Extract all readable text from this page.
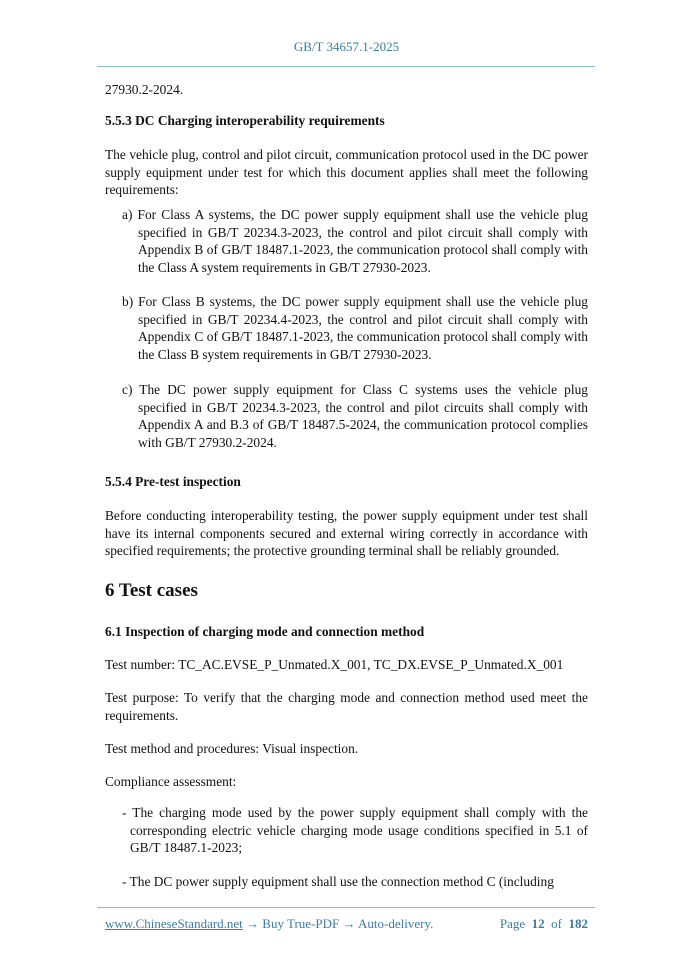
GB/T 34657.1-2025
27930.2-2024.
5.5.3 DC Charging interoperability requirements
The vehicle plug, control and pilot circuit, communication protocol used in the DC power supply equipment under test for which this document applies shall meet the following requirements:
a) For Class A systems, the DC power supply equipment shall use the vehicle plug specified in GB/T 20234.3-2023, the control and pilot circuit shall comply with Appendix B of GB/T 18487.1-2023, the communication protocol shall comply with the Class A system requirements in GB/T 27930-2023.
b) For Class B systems, the DC power supply equipment shall use the vehicle plug specified in GB/T 20234.4-2023, the control and pilot circuit shall comply with Appendix C of GB/T 18487.1-2023, the communication protocol shall comply with the Class B system requirements in GB/T 27930-2023.
c) The DC power supply equipment for Class C systems uses the vehicle plug specified in GB/T 20234.3-2023, the control and pilot circuits shall comply with Appendix A and B.3 of GB/T 18487.5-2024, the communication protocol complies with GB/T 27930.2-2024.
5.5.4 Pre-test inspection
Before conducting interoperability testing, the power supply equipment under test shall have its internal components secured and external wiring correctly in accordance with specified requirements; the protective grounding terminal shall be reliably grounded.
6 Test cases
6.1 Inspection of charging mode and connection method
Test number: TC_AC.EVSE_P_Unmated.X_001, TC_DX.EVSE_P_Unmated.X_001
Test purpose: To verify that the charging mode and connection method used meet the requirements.
Test method and procedures: Visual inspection.
Compliance assessment:
- The charging mode used by the power supply equipment shall comply with the corresponding electric vehicle charging mode usage conditions specified in 5.1 of GB/T 18487.1-2023;
- The DC power supply equipment shall use the connection method C (including
www.ChineseStandard.net → Buy True-PDF → Auto-delivery.	Page 12 of 182
